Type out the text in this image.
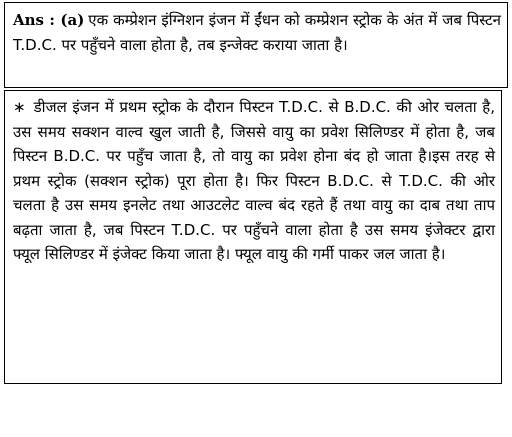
Ans : (a) एक कम्प्रेशन इंग्निशन इंजन में ईंधन को कम्प्रेशन स्ट्रोक के अंत में जब पिस्टन T.D.C. पर पहुँचने वाला होता है, तब इन्जेक्ट कराया जाता है।
∗ डीजल इंजन में प्रथम स्ट्रोक के दौरान पिस्टन T.D.C. से B.D.C. की ओर चलता है, उस समय सक्शन वाल्व खुल जाती है, जिससे वायु का प्रवेश सिलिण्डर में होता है, जब पिस्टन B.D.C. पर पहुँच जाता है, तो वायु का प्रवेश होना बंद हो जाता है।इस तरह से प्रथम स्ट्रोक (सक्शन स्ट्रोक) पूरा होता है। फिर पिस्टन B.D.C. से T.D.C. की ओर चलता है उस समय इनलेट तथा आउटलेट वाल्व बंद रहते हैं तथा वायु का दाब तथा ताप बढ़ता जाता है, जब पिस्टन T.D.C. पर पहुँचने वाला होता है उस समय इंजेक्टर द्वारा फ्यूल सिलिण्डर में इंजेक्ट किया जाता है। फ्यूल वायु की गर्मी पाकर जल जाता है।
